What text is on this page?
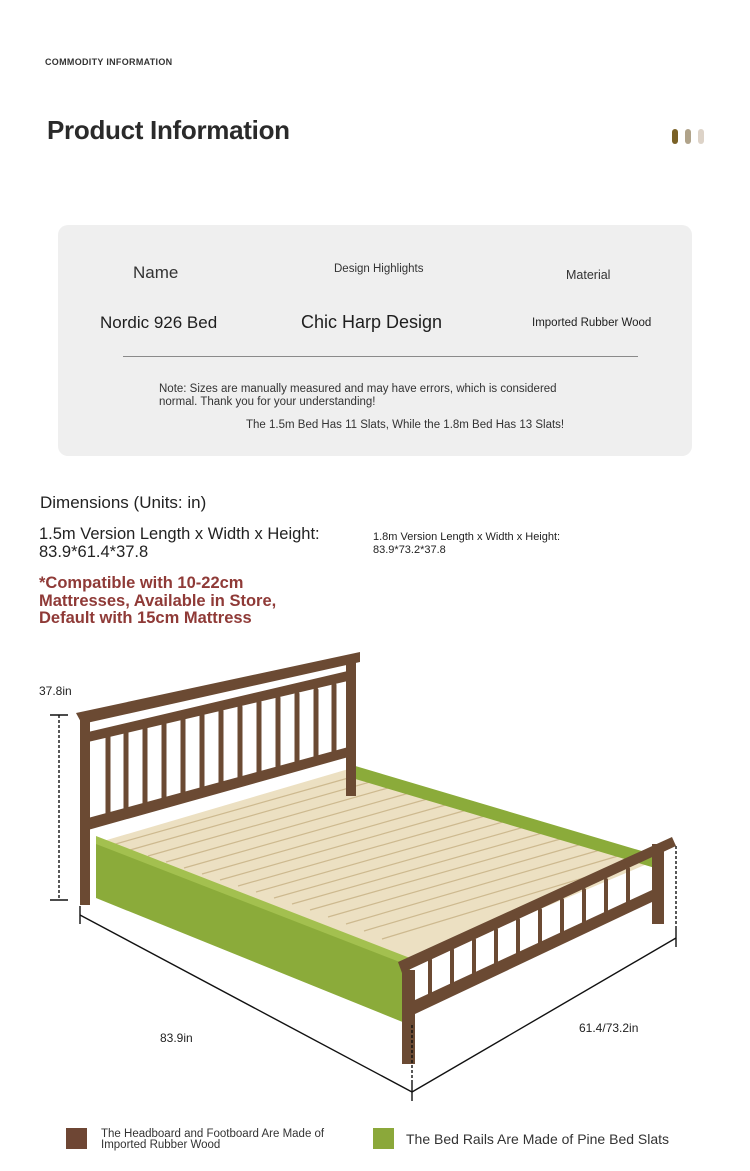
COMMODITY INFORMATION
Product Information
Name	Design Highlights	Material
Nordic 926 Bed	Chic Harp Design	Imported Rubber Wood
Note: Sizes are manually measured and may have errors, which is considered normal. Thank you for your understanding!
The 1.5m Bed Has 11 Slats, While the 1.8m Bed Has 13 Slats!
Dimensions (Units: in)
1.5m Version Length x Width x Height:
83.9*61.4*37.8
1.8m Version Length x Width x Height:
83.9*73.2*37.8
*Compatible with 10-22cm
Mattresses, Available in Store,
Default with 15cm Mattress
37.8in
83.9in
61.4/73.2in
The Headboard and Footboard Are Made of Imported Rubber Wood	The Bed Rails Are Made of Pine Bed Slats
